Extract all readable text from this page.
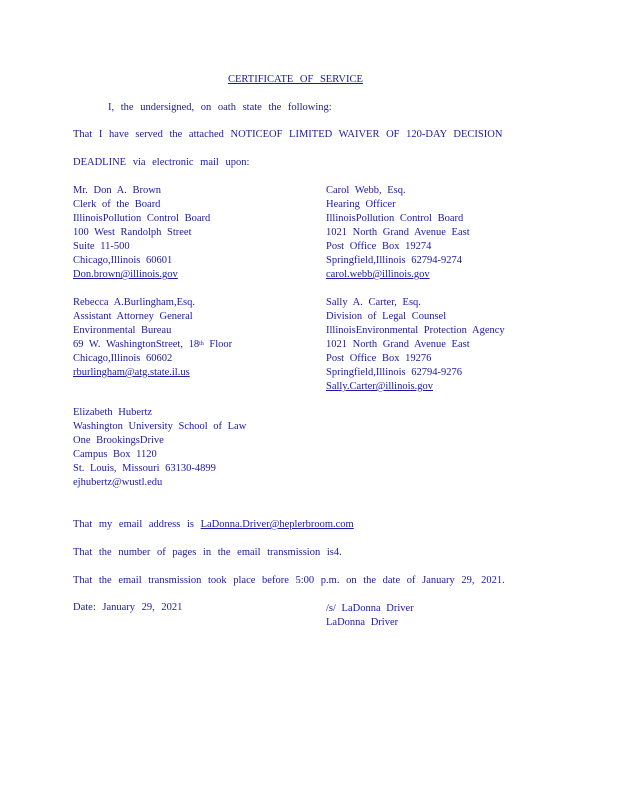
CERTIFICATE OF SERVICE
I, the undersigned, on oath state the following:
That I have served the attached NOTICEOF LIMITED WAIVER OF 120-DAY DECISION
DEADLINE via electronic mail upon:
Mr. Don A. Brown
Clerk of the Board
IllinoisPollution Control Board
100 West Randolph Street
Suite 11-500
Chicago,Illinois 60601
Don.brown@illinois.gov
Carol Webb, Esq.
Hearing Officer
IllinoisPollution Control Board
1021 North Grand Avenue East
Post Office Box 19274
Springfield,Illinois 62794-9274
carol.webb@illinois.gov
Rebecca A.Burlingham,Esq.
Assistant Attorney General
Environmental Bureau
69 W. WashingtonStreet, 18th Floor
Chicago,Illinois 60602
rburlingham@atg.state.il.us
Sally A. Carter, Esq.
Division of Legal Counsel
IllinoisEnvironmental Protection Agency
1021 North Grand Avenue East
Post Office Box 19276
Springfield,Illinois 62794-9276
Sally.Carter@illinois.gov
Elizabeth Hubertz
Washington University School of Law
One BrookingsDrive
Campus Box 1120
St. Louis, Missouri 63130-4899
ejhubertz@wustl.edu
That my email address is LaDonna.Driver@heplerbroom.com
That the number of pages in the email transmission is4.
That the email transmission took place before 5:00 p.m. on the date of January 29, 2021.
Date: January 29, 2021	/s/ LaDonna Driver
LaDonna Driver
